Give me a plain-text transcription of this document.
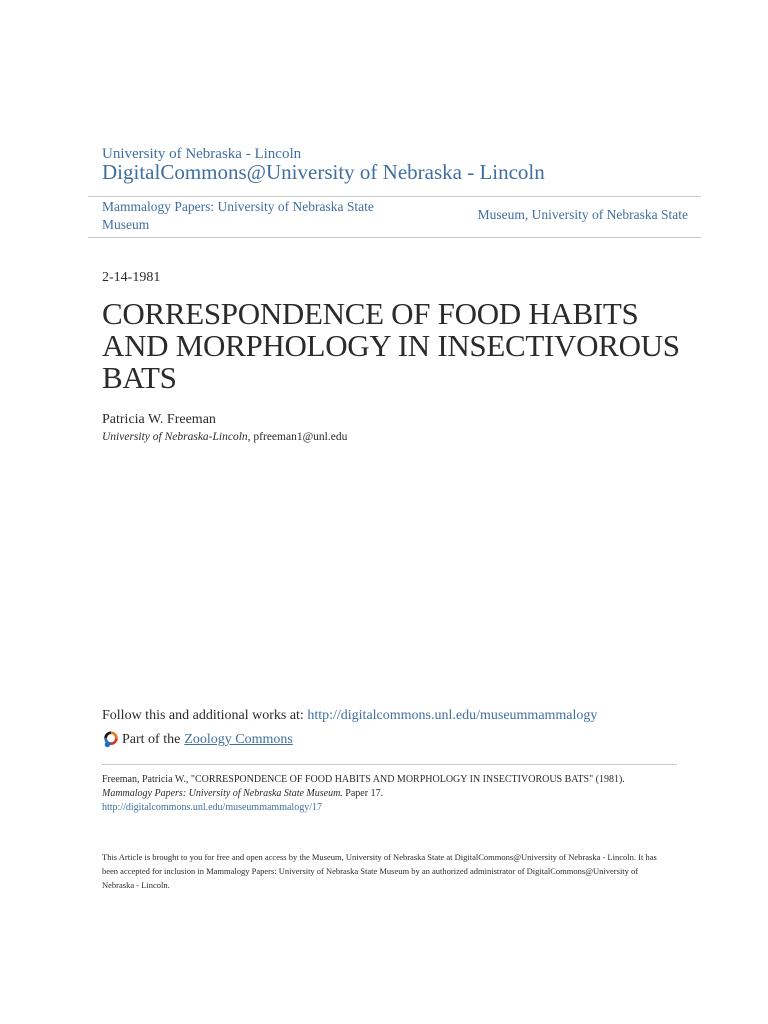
University of Nebraska - Lincoln
DigitalCommons@University of Nebraska - Lincoln
Mammalogy Papers: University of Nebraska State Museum
Museum, University of Nebraska State
2-14-1981
CORRESPONDENCE OF FOOD HABITS AND MORPHOLOGY IN INSECTIVOROUS BATS
Patricia W. Freeman
University of Nebraska-Lincoln, pfreeman1@unl.edu
Follow this and additional works at: http://digitalcommons.unl.edu/museummammalogy
Part of the Zoology Commons
Freeman, Patricia W., "CORRESPONDENCE OF FOOD HABITS AND MORPHOLOGY IN INSECTIVOROUS BATS" (1981).
Mammalogy Papers: University of Nebraska State Museum. Paper 17.
http://digitalcommons.unl.edu/museummammalogy/17
This Article is brought to you for free and open access by the Museum, University of Nebraska State at DigitalCommons@University of Nebraska - Lincoln. It has been accepted for inclusion in Mammalogy Papers: University of Nebraska State Museum by an authorized administrator of DigitalCommons@University of Nebraska - Lincoln.
